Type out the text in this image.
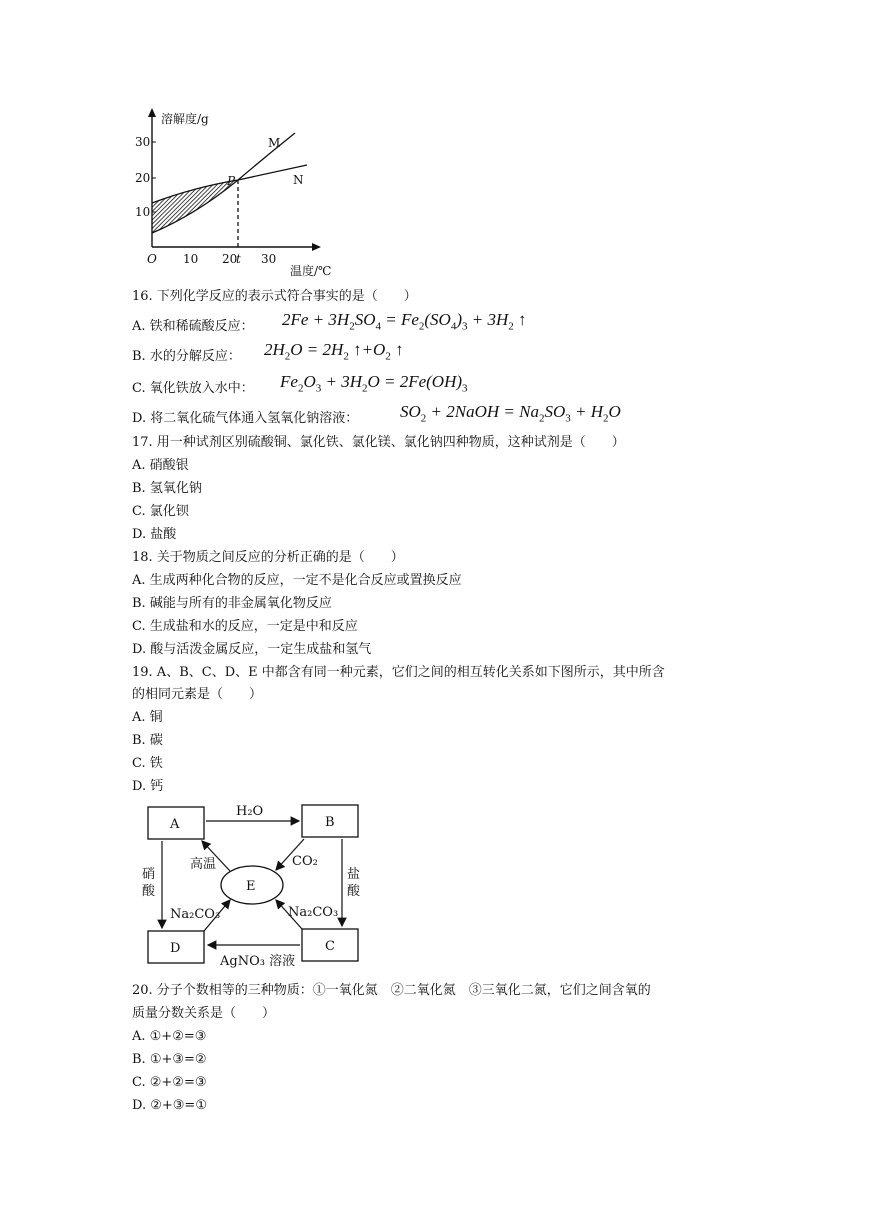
溶解度/g
30
20
10
O 10 20
t 30
P
M
N
温度/℃
16. 下列化学反应的表示式符合事实的是（　　）
A. 铁和稀硫酸反应： $2Fe + 3H_2SO_4 = Fe_2(SO_4)_3 + 3H_2$ ↑
B. 水的分解反应： $2H_2O = 2H_2$ $↑+O_2$ ↑
C. 氧化铁放入水中： $Fe_2O_3 + 3H_2O = 2Fe(OH)_3$
D. 将二氧化硫气体通入氢氧化钠溶液： $SO_2$ + 2NaOH = $Na_2SO_3 + H_2O$
17. 用一种试剂区别硫酸铜、氯化铁、氯化镁、氯化钠四种物质，这种试剂是（　　）
A. 硝酸银
B. 氢氧化钠
C. 氯化钡
D. 盐酸
18. 关于物质之间反应的分析正确的是（　　）
A. 生成两种化合物的反应，一定不是化合反应或置换反应
B. 碱能与所有的非金属氧化物反应
C. 生成盐和水的反应，一定是中和反应
D. 酸与活泼金属反应，一定生成盐和氢气
19. A、B、C、D、E 中都含有同一种元素，它们之间的相互转化关系如下图所示，其中所含
的相同元素是（　　）
A. 铜
B. 碳
C. 铁
D. 钙
A	B
C
D
E
H₂O
高温	CO₂
硝
酸
盐
酸
Na₂CO₃	Na₂CO₃
AgNO₃ 溶液
20. 分子个数相等的三种物质：①一氧化氮　②二氧化氮　③三氧化二氮，它们之间含氧的
质量分数关系是（　　）
A. ①+②=③
B. ①+③=②
C. ②+②=③
D. ②+③=①
